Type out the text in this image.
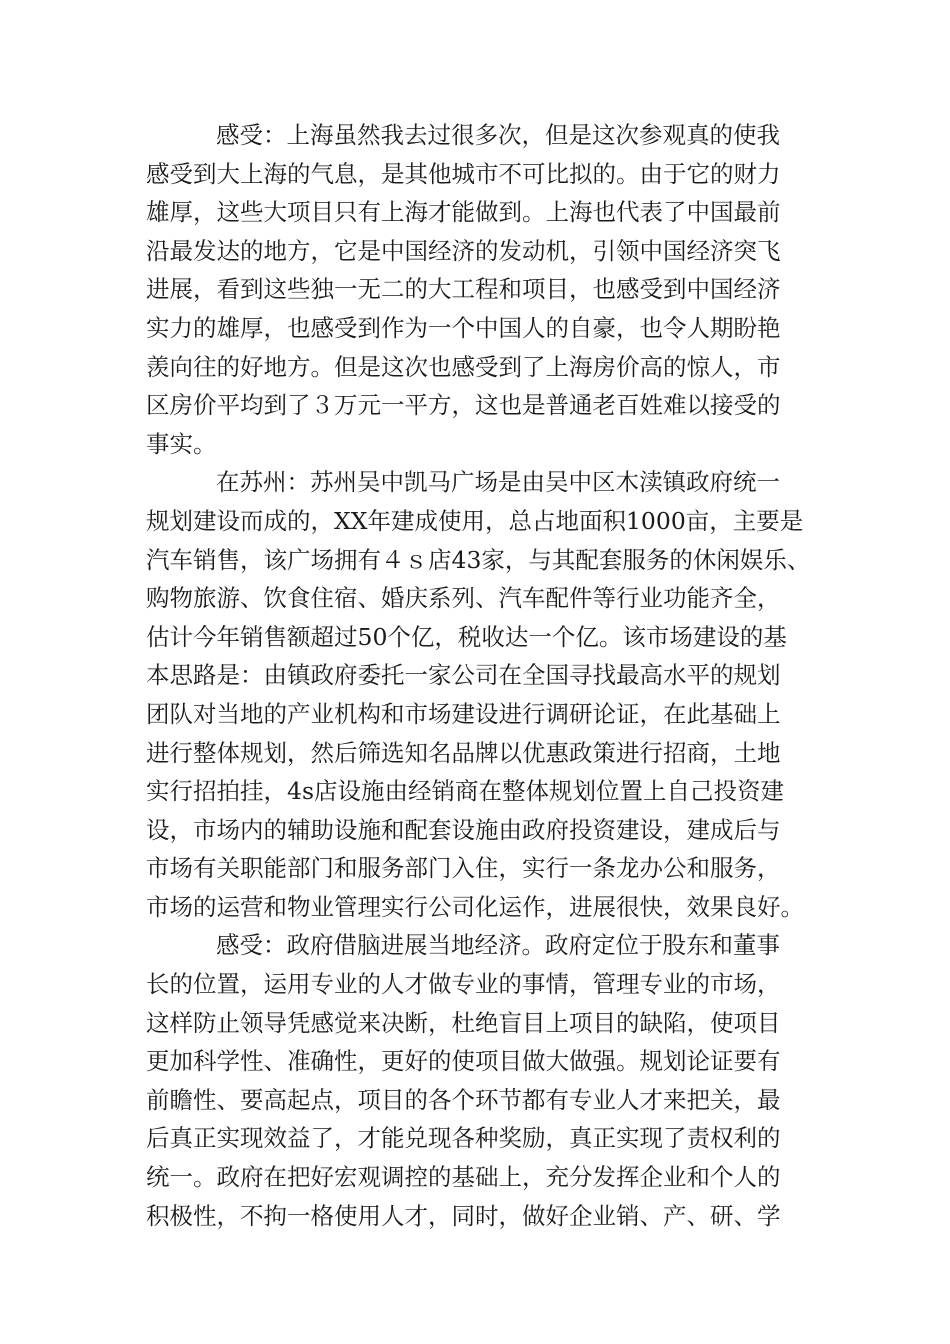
感受：上海虽然我去过很多次，但是这次参观真的使我
感受到大上海的气息，是其他城市不可比拟的。由于它的财力
雄厚，这些大项目只有上海才能做到。上海也代表了中国最前
沿最发达的地方，它是中国经济的发动机，引领中国经济突飞
进展，看到这些独一无二的大工程和项目，也感受到中国经济
实力的雄厚，也感受到作为一个中国人的自豪，也令人期盼艳
羡向往的好地方。但是这次也感受到了上海房价高的惊人，市
区房价平均到了３万元一平方，这也是普通老百姓难以接受的
事实。
在苏州：苏州吴中凯马广场是由吴中区木渎镇政府统一
规划建设而成的，XX年建成使用，总占地面积1000亩，主要是
汽车销售，该广场拥有４ｓ店43家，与其配套服务的休闲娱乐、
购物旅游、饮食住宿、婚庆系列、汽车配件等行业功能齐全，
估计今年销售额超过50个亿，税收达一个亿。该市场建设的基
本思路是：由镇政府委托一家公司在全国寻找最高水平的规划
团队对当地的产业机构和市场建设进行调研论证，在此基础上
进行整体规划，然后筛选知名品牌以优惠政策进行招商，土地
实行招拍挂，4s店设施由经销商在整体规划位置上自己投资建
设，市场内的辅助设施和配套设施由政府投资建设，建成后与
市场有关职能部门和服务部门入住，实行一条龙办公和服务，
市场的运营和物业管理实行公司化运作，进展很快，效果良好。
感受：政府借脑进展当地经济。政府定位于股东和董事
长的位置，运用专业的人才做专业的事情，管理专业的市场，
这样防止领导凭感觉来决断，杜绝盲目上项目的缺陷，使项目
更加科学性、准确性，更好的使项目做大做强。规划论证要有
前瞻性、要高起点，项目的各个环节都有专业人才来把关，最
后真正实现效益了，才能兑现各种奖励，真正实现了责权利的
统一。政府在把好宏观调控的基础上，充分发挥企业和个人的
积极性，不拘一格使用人才，同时，做好企业销、产、研、学
